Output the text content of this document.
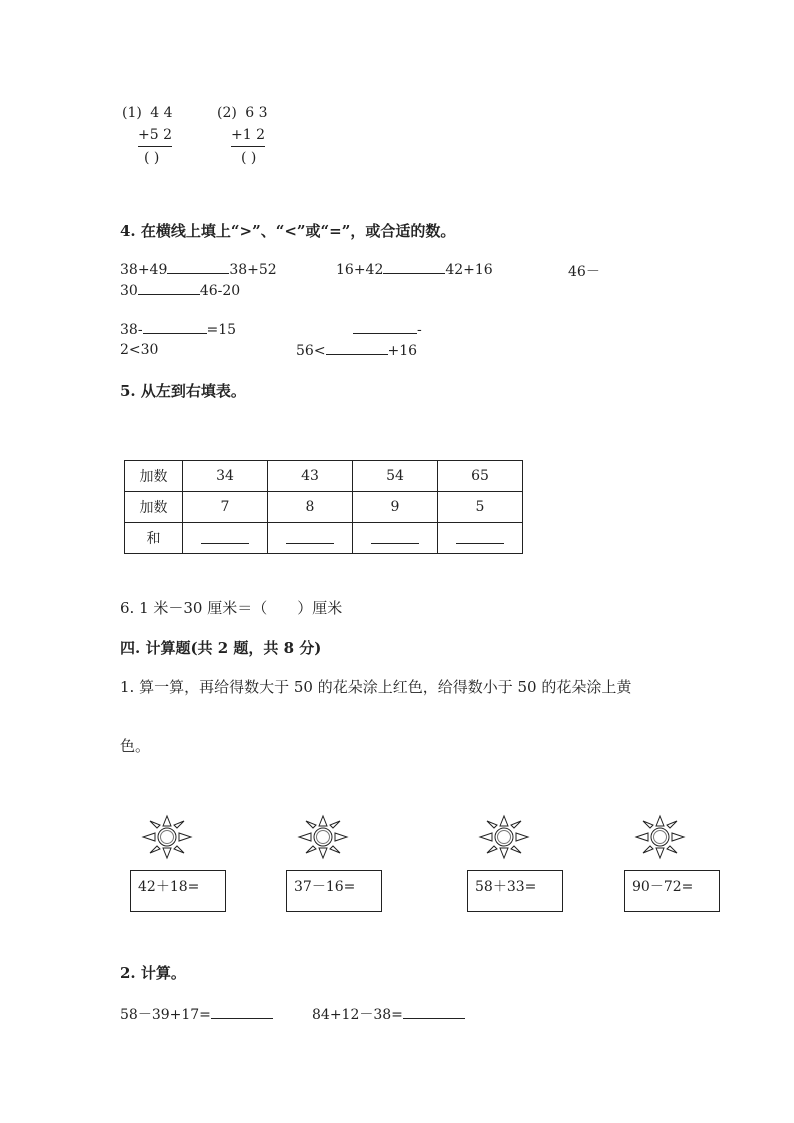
(1) 4 4
+5 2
( )
(2) 6 3
+1 2
( )
4. 在横线上填上“>”、“<”或“=”，或合适的数。
38+49	38+52	16+42	42+16	46－
30	46-20
38-	=15	-
2<30	56<	+16
5. 从左到右填表。
加数	34	43	54	65
加数	7	8	9	5
和				
6. 1 米－30 厘米＝（　　）厘米
四. 计算题(共 2 题，共 8 分)
1. 算一算，再给得数大于 50 的花朵涂上红色，给得数小于 50 的花朵涂上黄
色。
42＋18=	37－16=	58＋33=	90－72=
2. 计算。
58－39+17=	84+12－38=
